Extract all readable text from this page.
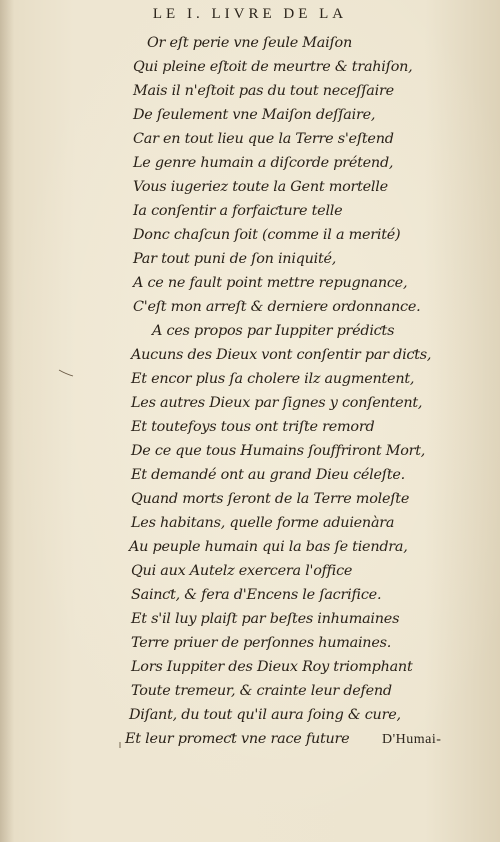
LE I. LIVRE DE LA
Or eſt perie vne ſeule Maiſon
Qui pleine eſtoit de meurtre & trahiſon,
Mais il n'eſtoit pas du tout neceſſaire
De ſeulement vne Maiſon deſſaire,
Car en tout lieu que la Terre s'eſtend
Le genre humain a diſcorde prétend,
Vous iugeriez toute la Gent mortelle
Ia conſentir a forfaiƈture telle
Donc chaſcun ſoit (comme il a merité)
Par tout puni de ſon iniquité,
A ce ne fault point mettre repugnance,
C'eſt mon arreſt & derniere ordonnance.
A ces propos par Iuppiter prédiƈts
Aucuns des Dieux vont conſentir par diƈts,
Et encor plus ſa cholere ilz augmentent,
Les autres Dieux par ſignes y conſentent,
Et toutefoys tous ont triſte remord
De ce que tous Humains ſouffriront Mort,
Et demandé ont au grand Dieu céleſte.
Quand morts ſeront de la Terre moleſte
Les habitans, quelle forme aduienàra
Au peuple humain qui la bas ſe tiendra,
Qui aux Autelz exercera l'office
Sainƈt, & fera d'Encens le ſacrifice.
Et s'il luy plaiſt par beſtes inhumaines
Terre priuer de perſonnes humaines.
Lors Iuppiter des Dieux Roy triomphant
Toute tremeur, & crainte leur defend
Diſant, du tout qu'il aura ſoing & cure,
Et leur promeƈt vne race future D'Humai-
